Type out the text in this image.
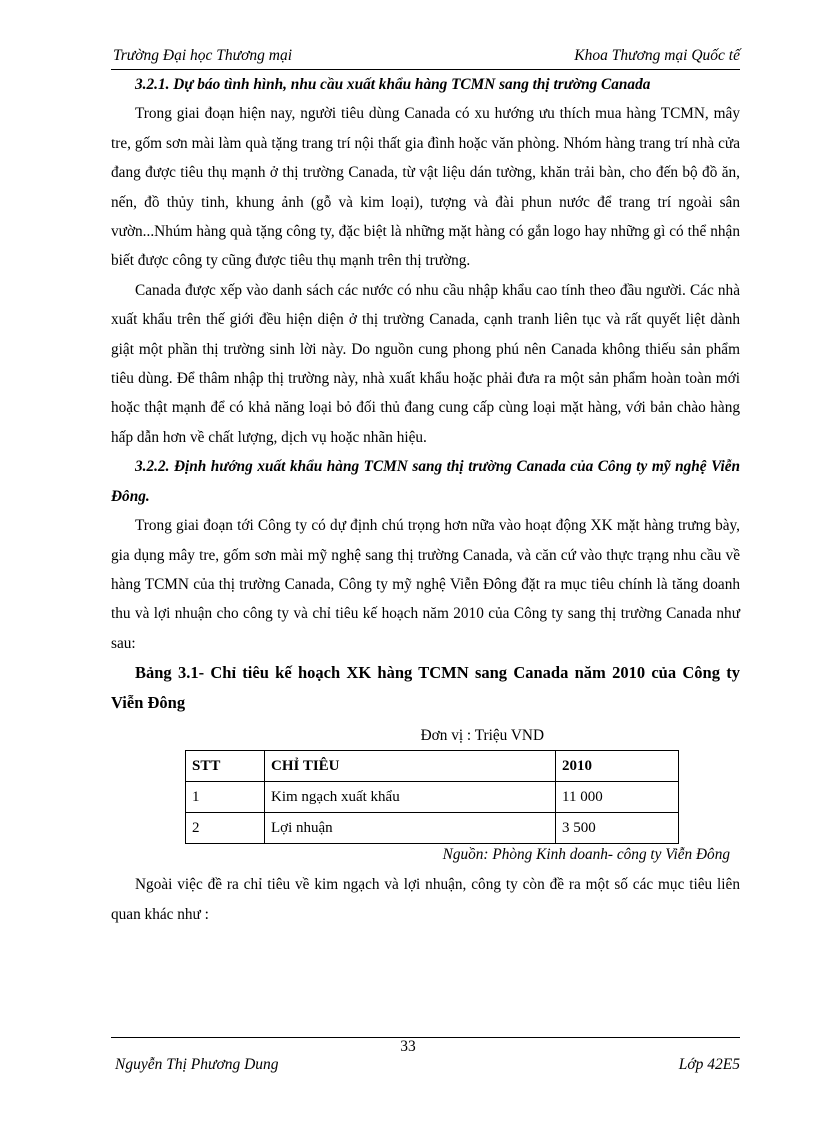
Trường Đại học Thương mại	Khoa Thương mại Quốc tế

3.2.1. Dự báo tình hình, nhu cầu xuất khẩu hàng TCMN sang thị trường Canada

Trong giai đoạn hiện nay, người tiêu dùng Canada có xu hướng ưu thích mua hàng TCMN, mây tre, gốm sơn mài làm quà tặng trang trí nội thất gia đình hoặc văn phòng. Nhóm hàng trang trí nhà cửa đang được tiêu thụ mạnh ở thị trường Canada, từ vật liệu dán tường, khăn trải bàn, cho đến bộ đồ ăn, nến, đồ thủy tinh, khung ảnh (gỗ và kim loại), tượng và đài phun nước để trang trí ngoài sân vườn...Nhúm hàng quà tặng công ty, đặc biệt là những mặt hàng có gắn logo hay những gì có thể nhận biết được công ty cũng được tiêu thụ mạnh trên thị trường.

Canada được xếp vào danh sách các nước có nhu cầu nhập khẩu cao tính theo đầu người. Các nhà xuất khẩu trên thế giới đều hiện diện ở thị trường Canada, cạnh tranh liên tục và rất quyết liệt dành giật một phần thị trường sinh lời này. Do nguồn cung phong phú nên Canada không thiếu sản phẩm tiêu dùng. Để thâm nhập thị trường này, nhà xuất khẩu hoặc phải đưa ra một sản phẩm hoàn toàn mới hoặc thật mạnh để có khả năng loại bỏ đối thủ đang cung cấp cùng loại mặt hàng, với bản chào hàng hấp dẫn hơn về chất lượng, dịch vụ hoặc nhãn hiệu.

3.2.2. Định hướng xuất khẩu hàng TCMN sang thị trường Canada của Công ty mỹ nghệ Viễn Đông.

Trong giai đoạn tới Công ty có dự định chú trọng hơn nữa vào hoạt động XK mặt hàng trưng bày, gia dụng mây tre, gốm sơn mài mỹ nghệ sang thị trường Canada, và căn cứ vào thực trạng nhu cầu về hàng TCMN của thị trường Canada, Công ty mỹ nghệ Viễn Đông đặt ra mục tiêu chính là tăng doanh thu và lợi nhuận cho công ty và chỉ tiêu kế hoạch năm 2010 của Công ty sang thị trường Canada như sau:

Bảng 3.1- Chỉ tiêu kế hoạch XK hàng TCMN sang Canada năm 2010 của Công ty Viễn Đông

Đơn vị : Triệu VND
STT	CHỈ TIÊU	2010
1	Kim ngạch xuất khẩu	11 000
2	Lợi nhuận	3 500
Nguồn: Phòng Kinh doanh- công ty Viễn Đông

Ngoài việc đề ra chỉ tiêu về kim ngạch và lợi nhuận, công ty còn đề ra một số các mục tiêu liên quan khác như :

33
Nguyễn Thị Phương Dung	Lớp 42E5
